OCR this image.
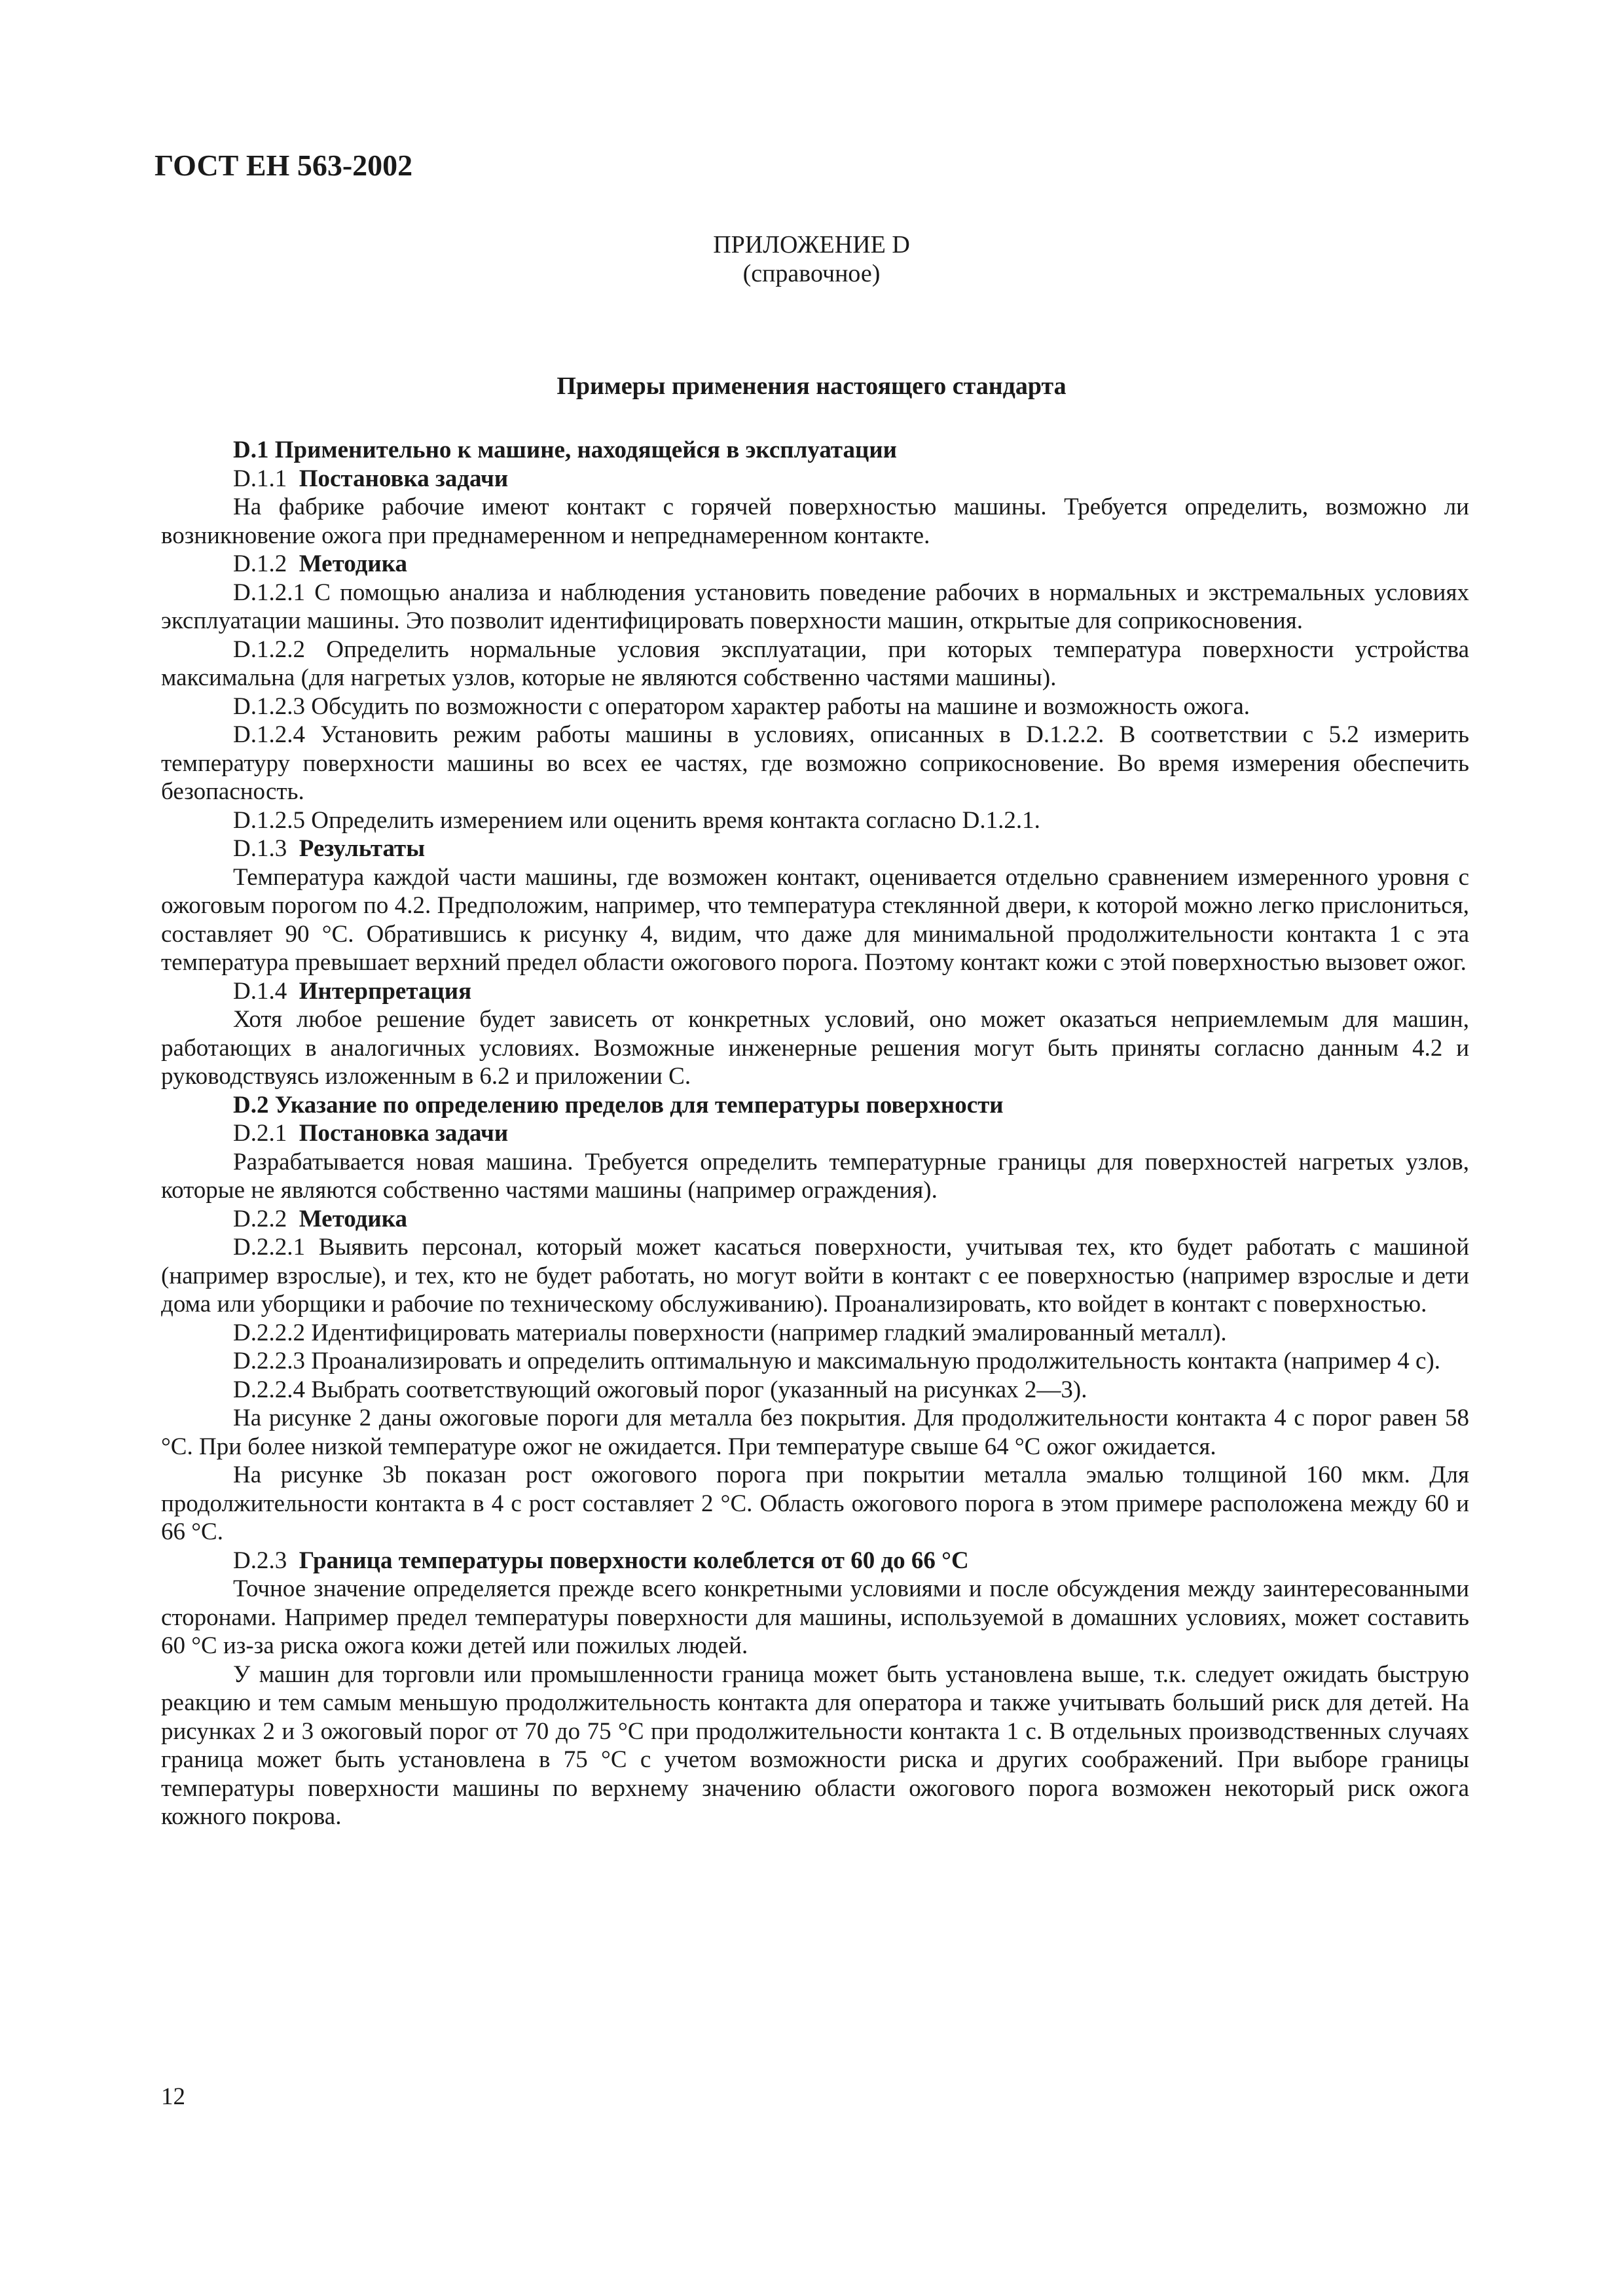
ГОСТ ЕН 563-2002
ПРИЛОЖЕНИЕ D
(справочное)
Примеры применения настоящего стандарта

D.1 Применительно к машине, находящейся в эксплуатации

D.1.1 Постановка задачи

На фабрике рабочие имеют контакт с горячей поверхностью машины. Требуется определить, возможно ли возникновение ожога при преднамеренном и непреднамеренном контакте.

D.1.2 Методика

D.1.2.1 С помощью анализа и наблюдения установить поведение рабочих в нормальных и экстремальных условиях эксплуатации машины. Это позволит идентифицировать поверхности машин, открытые для соприкосновения.

D.1.2.2 Определить нормальные условия эксплуатации, при которых температура поверхности устройства максимальна (для нагретых узлов, которые не являются собственно частями машины).

D.1.2.3 Обсудить по возможности с оператором характер работы на машине и возможность ожога.

D.1.2.4 Установить режим работы машины в условиях, описанных в D.1.2.2. В соответствии с 5.2 измерить температуру поверхности машины во всех ее частях, где возможно соприкосновение. Во время измерения обеспечить безопасность.

D.1.2.5 Определить измерением или оценить время контакта согласно D.1.2.1.

D.1.3 Результаты

Температура каждой части машины, где возможен контакт, оценивается отдельно сравнением измеренного уровня с ожоговым порогом по 4.2. Предположим, например, что температура стеклянной двери, к которой можно легко прислониться, составляет 90 °С. Обратившись к рисунку 4, видим, что даже для минимальной продолжительности контакта 1 с эта температура превышает верхний предел области ожогового порога. Поэтому контакт кожи с этой поверхностью вызовет ожог.

D.1.4 Интерпретация

Хотя любое решение будет зависеть от конкретных условий, оно может оказаться неприемлемым для машин, работающих в аналогичных условиях. Возможные инженерные решения могут быть приняты согласно данным 4.2 и руководствуясь изложенным в 6.2 и приложении С.

D.2 Указание по определению пределов для температуры поверхности

D.2.1 Постановка задачи

Разрабатывается новая машина. Требуется определить температурные границы для поверхностей нагретых узлов, которые не являются собственно частями машины (например ограждения).

D.2.2 Методика

D.2.2.1 Выявить персонал, который может касаться поверхности, учитывая тех, кто будет работать с машиной (например взрослые), и тех, кто не будет работать, но могут войти в контакт с ее поверхностью (например взрослые и дети дома или уборщики и рабочие по техническому обслуживанию). Проанализировать, кто войдет в контакт с поверхностью.

D.2.2.2 Идентифицировать материалы поверхности (например гладкий эмалированный металл).

D.2.2.3 Проанализировать и определить оптимальную и максимальную продолжительность контакта (например 4 с).

D.2.2.4 Выбрать соответствующий ожоговый порог (указанный на рисунках 2—3).

На рисунке 2 даны ожоговые пороги для металла без покрытия. Для продолжительности контакта 4 с порог равен 58 °С. При более низкой температуре ожог не ожидается. При температуре свыше 64 °С ожог ожидается.

На рисунке 3b показан рост ожогового порога при покрытии металла эмалью толщиной 160 мкм. Для продолжительности контакта в 4 с рост составляет 2 °С. Область ожогового порога в этом примере расположена между 60 и 66 °С.

D.2.3 Граница температуры поверхности колеблется от 60 до 66 °С

Точное значение определяется прежде всего конкретными условиями и после обсуждения между заинтересованными сторонами. Например предел температуры поверхности для машины, используемой в домашних условиях, может составить 60 °С из-за риска ожога кожи детей или пожилых людей.

У машин для торговли или промышленности граница может быть установлена выше, т.к. следует ожидать быструю реакцию и тем самым меньшую продолжительность контакта для оператора и также учитывать больший риск для детей. На рисунках 2 и 3 ожоговый порог от 70 до 75 °С при продолжительности контакта 1 с. В отдельных производственных случаях граница может быть установлена в 75 °С с учетом возможности риска и других соображений. При выборе границы температуры поверхности машины по верхнему значению области ожогового порога возможен некоторый риск ожога кожного покрова.

12
